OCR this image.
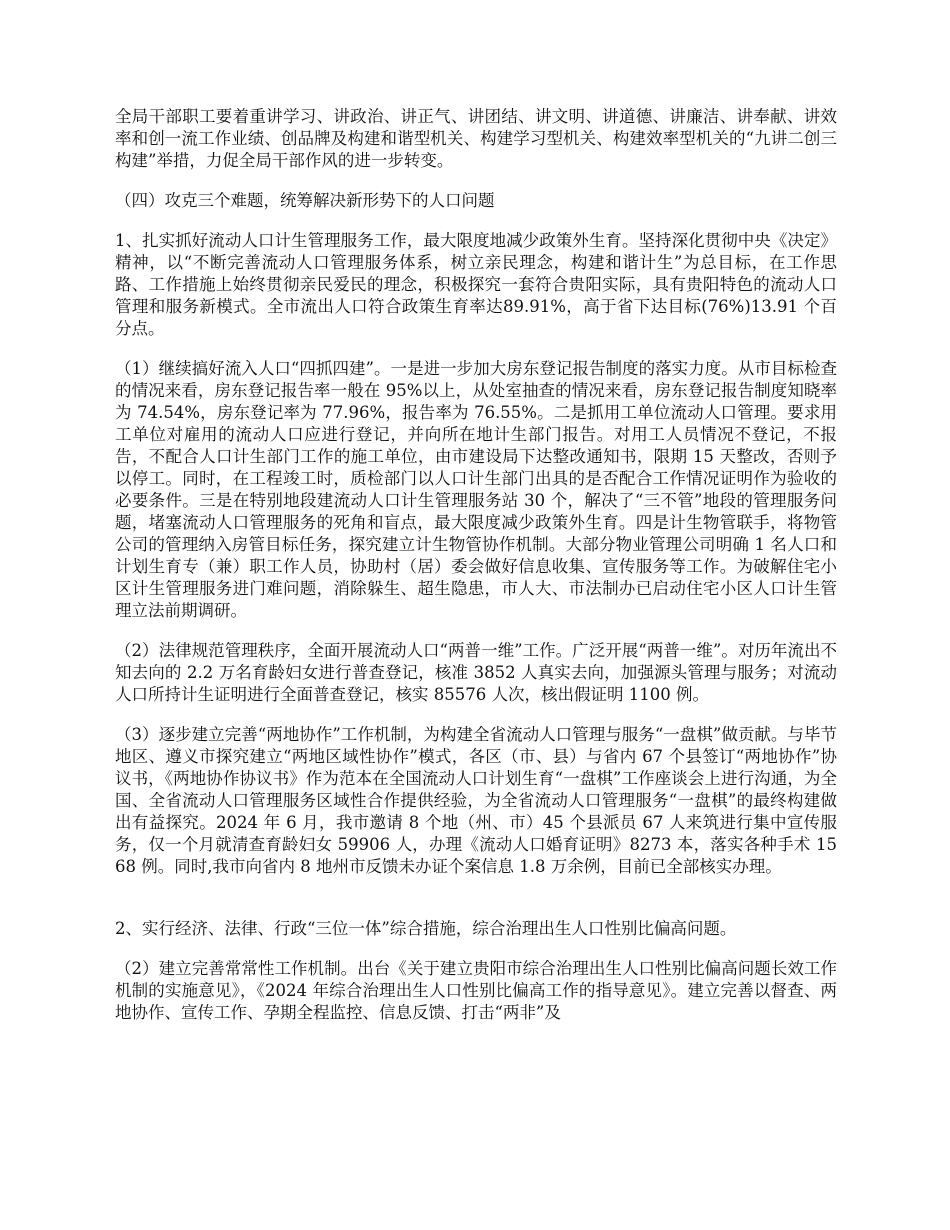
全局干部职工要着重讲学习、讲政治、讲正气、讲团结、讲文明、讲道德、讲廉洁、讲奉献、讲效率和创一流工作业绩、创品牌及构建和谐型机关、构建学习型机关、构建效率型机关的“九讲二创三构建”举措，力促全局干部作风的进一步转变。

（四）攻克三个难题，统筹解决新形势下的人口问题

1、扎实抓好流动人口计生管理服务工作，最大限度地减少政策外生育。坚持深化贯彻中央《决定》精神，以“不断完善流动人口管理服务体系，树立亲民理念，构建和谐计生”为总目标，在工作思路、工作措施上始终贯彻亲民爱民的理念，积极探究一套符合贵阳实际，具有贵阳特色的流动人口管理和服务新模式。全市流出人口符合政策生育率达89.91%，高于省下达目标(76%)13.91 个百分点。

（1）继续搞好流入人口“四抓四建”。一是进一步加大房东登记报告制度的落实力度。从市目标检查的情况来看，房东登记报告率一般在 95%以上，从处室抽查的情况来看，房东登记报告制度知晓率为 74.54%，房东登记率为 77.96%，报告率为 76.55%。二是抓用工单位流动人口管理。要求用工单位对雇用的流动人口应进行登记，并向所在地计生部门报告。对用工人员情况不登记，不报告，不配合人口计生部门工作的施工单位，由市建设局下达整改通知书，限期 15 天整改，否则予以停工。同时，在工程竣工时，质检部门以人口计生部门出具的是否配合工作情况证明作为验收的必要条件。三是在特别地段建流动人口计生管理服务站 30 个，解决了“三不管”地段的管理服务问题，堵塞流动人口管理服务的死角和盲点，最大限度减少政策外生育。四是计生物管联手，将物管公司的管理纳入房管目标任务，探究建立计生物管协作机制。大部分物业管理公司明确 1 名人口和计划生育专（兼）职工作人员，协助村（居）委会做好信息收集、宣传服务等工作。为破解住宅小区计生管理服务进门难问题，消除躲生、超生隐患，市人大、市法制办已启动住宅小区人口计生管理立法前期调研。

（2）法律规范管理秩序，全面开展流动人口“两普一维”工作。广泛开展“两普一维”。对历年流出不知去向的 2.2 万名育龄妇女进行普查登记，核准 3852 人真实去向，加强源头管理与服务；对流动人口所持计生证明进行全面普查登记，核实 85576 人次，核出假证明 1100 例。

（3）逐步建立完善“两地协作”工作机制，为构建全省流动人口管理与服务“一盘棋”做贡献。与毕节地区、遵义市探究建立“两地区域性协作”模式，各区（市、县）与省内 67 个县签订“两地协作”协议书，《两地协作协议书》作为范本在全国流动人口计划生育“一盘棋”工作座谈会上进行沟通，为全国、全省流动人口管理服务区域性合作提供经验，为全省流动人口管理服务“一盘棋”的最终构建做出有益探究。2024 年 6 月，我市邀请 8 个地（州、市）45 个县派员 67 人来筑进行集中宣传服务，仅一个月就清查育龄妇女 59906 人，办理《流动人口婚育证明》8273 本，落实各种手术 1568 例。同时,我市向省内 8 地州市反馈未办证个案信息 1.8 万余例，目前已全部核实办理。

2、实行经济、法律、行政“三位一体”综合措施，综合治理出生人口性别比偏高问题。

（2）建立完善常常性工作机制。出台《关于建立贵阳市综合治理出生人口性别比偏高问题长效工作机制的实施意见》，《2024 年综合治理出生人口性别比偏高工作的指导意见》。建立完善以督查、两地协作、宣传工作、孕期全程监控、信息反馈、打击“两非”及
